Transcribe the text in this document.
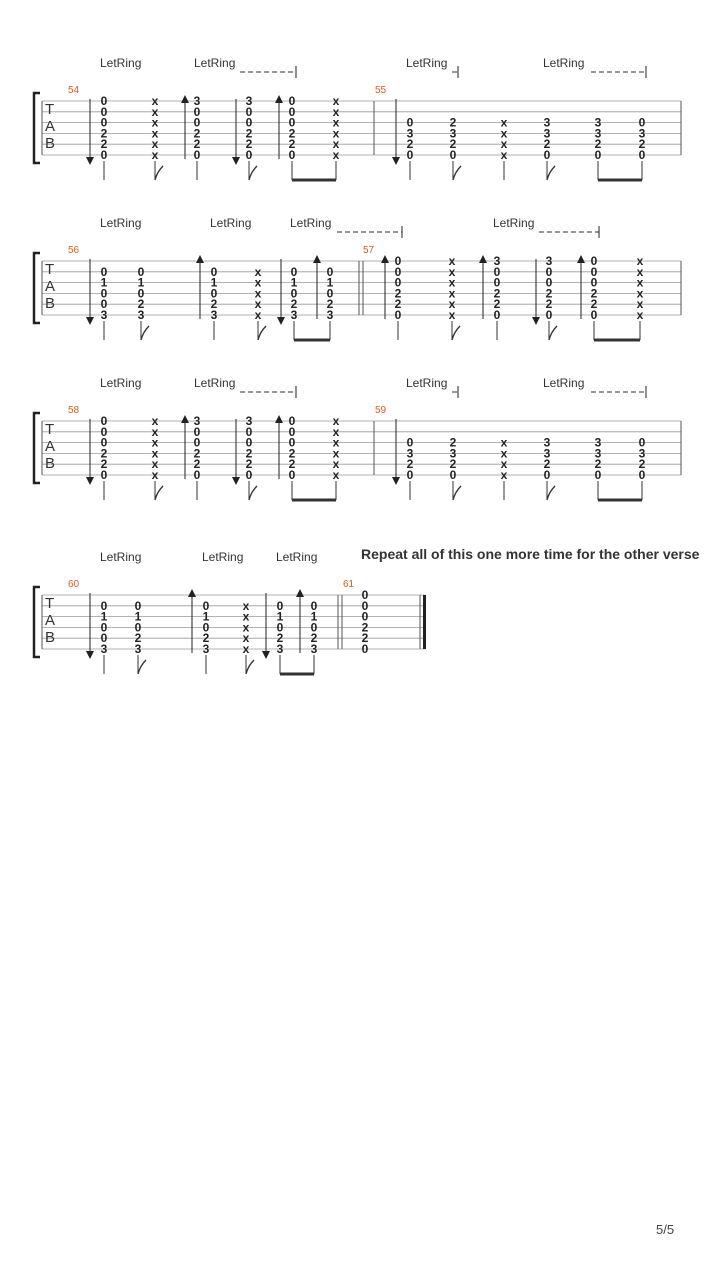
T
A
B
54
0
0
0
2
2
0
x
x
x
x
x
x
3
0
0
2
2
0
3
0
0
2
2
0
0
0
0
2
2
0
x
x
x
x
x
x
LetRing	LetRing
55
0
3
2
0
2
3
2
0
x
x
x
x
3
3
2
0
3
3
2
0
0
3
2
0
LetRing	LetRing
T
A
B
56
0
1
0
0
3
0
1
0
2
3
0
1
0
2
3
x
x
x
x
x
0
1
0
2
3
0
1
0
2
3
LetRing	LetRing	LetRing
57
0
0
0
2
2
0
x
x
x
x
x
x
3
0
0
2
2
0
3
0
0
2
2
0
0
0
0
2
2
0
x
x
x
x
x
x
LetRing
T
A
B
58
0
0
0
2
2
0
x
x
x
x
x
x
3
0
0
2
2
0
3
0
0
2
2
0
0
0
0
2
2
0
x
x
x
x
x
x
LetRing	LetRing
59
0
3
2
0
2
3
2
0
x
x
x
x
3
3
2
0
3
3
2
0
0
3
2
0
LetRing	LetRing
T
A
B
60
0
1
0
0
3
0
1
0
2
3
0
1
0
2
3
x
x
x
x
x
0
1
0
2
3
0
1
0
2
3
LetRing	LetRing	LetRing
61
0
0
0
2
2
0
Repeat all of this one more time for the other verse
5/5
